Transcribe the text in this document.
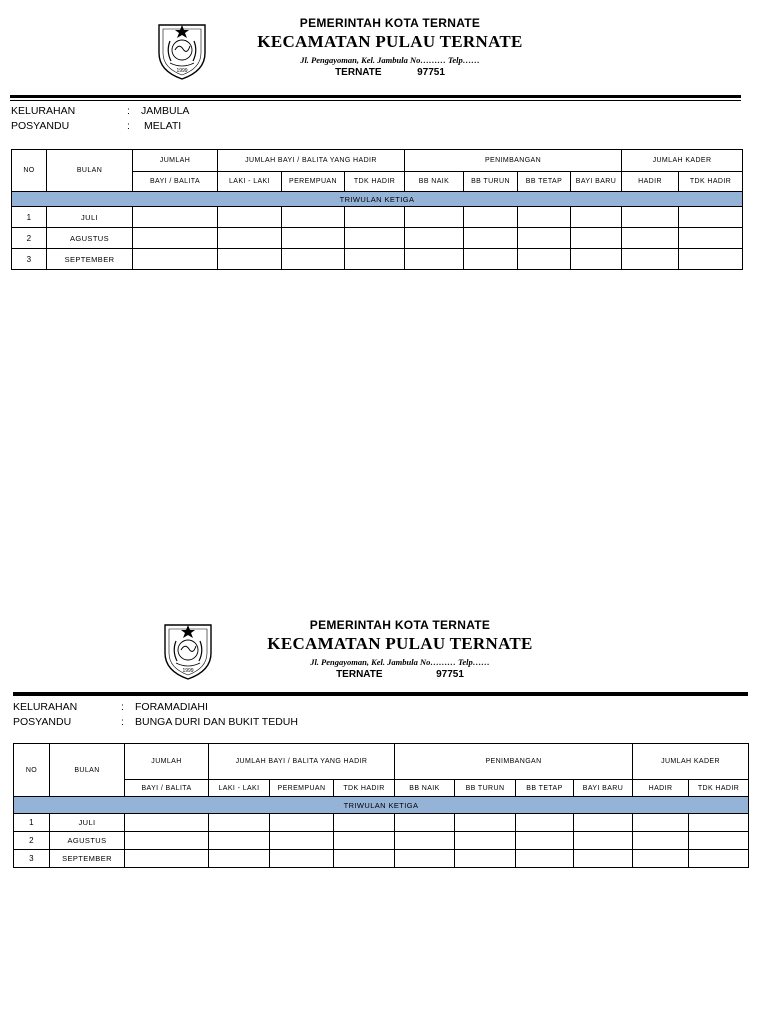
1999
PEMERINTAH KOTA TERNATE
KECAMATAN PULAU TERNATE
Jl. Pengayoman, Kel. Jambula No……… Telp……
TERNATE	97751
KELURAHAN	: JAMBULA
POSYANDU	: MELATI
NO	BULAN	JUMLAH	JUMLAH BAYI / BALITA YANG HADIR			PENIMBANGAN				JUMLAH KADER	
		BAYI / BALITA	LAKI - LAKI	PEREMPUAN	TDK HADIR	BB NAIK	BB TURUN	BB TETAP	BAYI BARU	HADIR	TDK HADIR
TRIWULAN KETIGA											
1	JULI										
2	AGUSTUS										
3	SEPTEMBER										
1999
PEMERINTAH KOTA TERNATE
KECAMATAN PULAU TERNATE
Jl. Pengayoman, Kel. Jambula No……… Telp……
TERNATE	97751
KELURAHAN	: FORAMADIAHI
POSYANDU	: BUNGA DURI DAN BUKIT TEDUH
NO	BULAN	JUMLAH	JUMLAH BAYI / BALITA YANG HADIR			PENIMBANGAN				JUMLAH KADER	
		BAYI / BALITA	LAKI - LAKI	PEREMPUAN	TDK HADIR	BB NAIK	BB TURUN	BB TETAP	BAYI BARU	HADIR	TDK HADIR
TRIWULAN KETIGA											
1	JULI										
2	AGUSTUS										
3	SEPTEMBER										
